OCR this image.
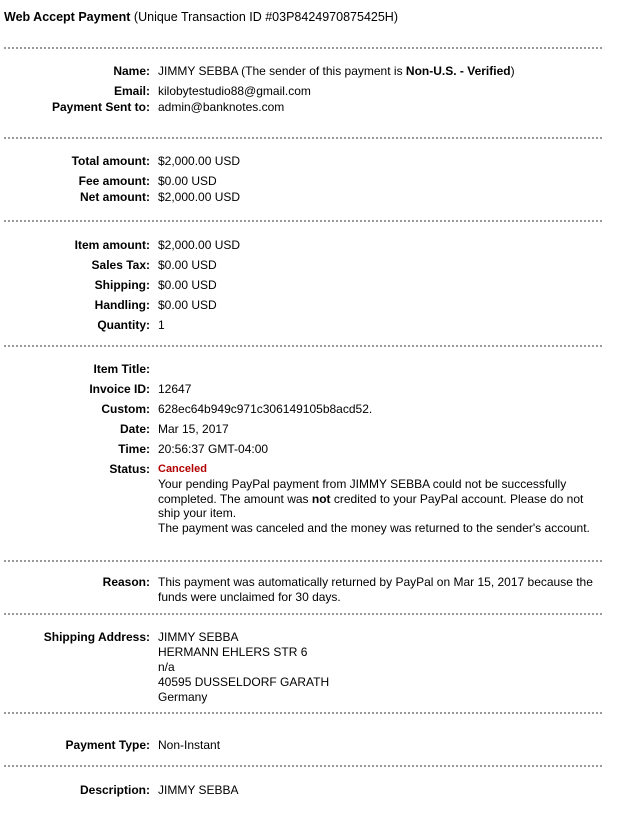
Web Accept Payment (Unique Transaction ID #03P8424970875425H)
Name: JIMMY SEBBA (The sender of this payment is Non-U.S. - Verified)
Email: kilobytestudio88@gmail.com
Payment Sent to: admin@banknotes.com
Total amount: $2,000.00 USD
Fee amount: $0.00 USD
Net amount: $2,000.00 USD
Item amount: $2,000.00 USD
Sales Tax: $0.00 USD
Shipping: $0.00 USD
Handling: $0.00 USD
Quantity: 1
Item Title:
Invoice ID: 12647
Custom: 628ec64b949c971c306149105b8acd52.
Date: Mar 15, 2017
Time: 20:56:37 GMT-04:00
Status: Canceled

Your pending PayPal payment from JIMMY SEBBA could not be successfully completed. The amount was not credited to your PayPal account. Please do not ship your item.

The payment was canceled and the money was returned to the sender's account.

Reason: This payment was automatically returned by PayPal on Mar 15, 2017 because the funds were unclaimed for 30 days.
Shipping Address: JIMMY SEBBA
HERMANN EHLERS STR 6
n/a
40595 DUSSELDORF GARATH
Germany
Payment Type: Non-Instant
Description: JIMMY SEBBA
